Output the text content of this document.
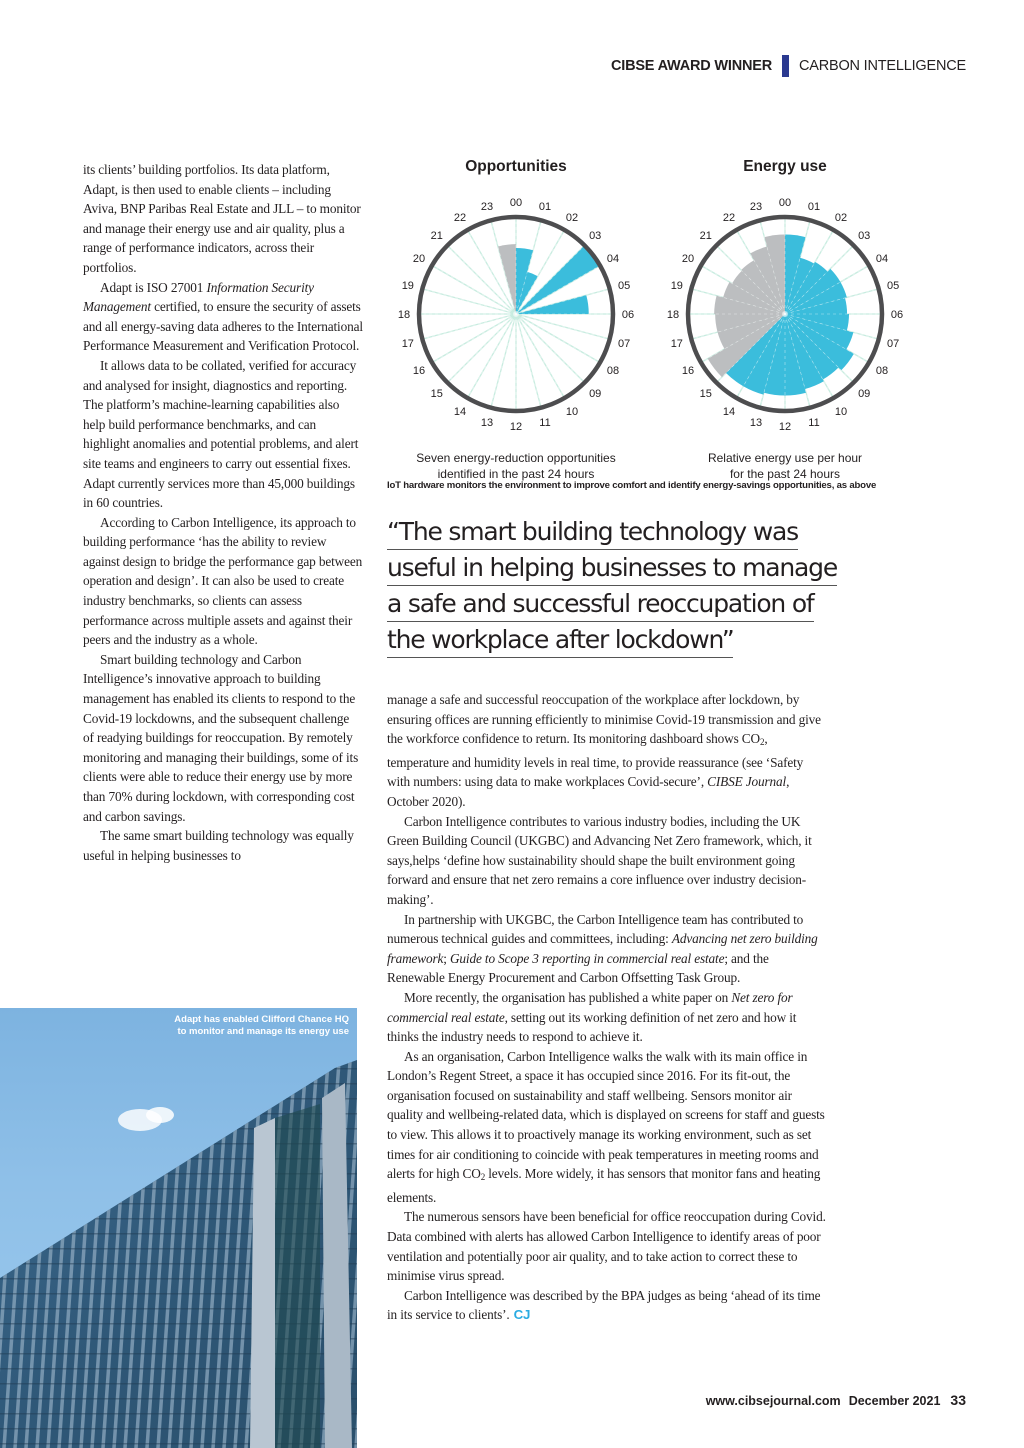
CIBSE AWARD WINNER CARBON INTELLIGENCE

its clients’ building portfolios. Its data platform, Adapt, is then used to enable clients – including Aviva, BNP Paribas Real Estate and JLL – to monitor and manage their energy use and air quality, plus a range of performance indicators, across their portfolios.

Adapt is ISO 27001 Information Security Management certified, to ensure the security of assets and all energy-saving data adheres to the International Performance Measurement and Verification Protocol.

It allows data to be collated, verified for accuracy and analysed for insight, diagnostics and reporting. The platform’s machine-learning capabilities also help build performance benchmarks, and can highlight anomalies and potential problems, and alert site teams and engineers to carry out essential fixes. Adapt currently services more than 45,000 buildings in 60 countries.

According to Carbon Intelligence, its approach to building performance ‘has the ability to review against design to bridge the performance gap between operation and design’. It can also be used to create industry benchmarks, so clients can assess performance across multiple assets and against their peers and the industry as a whole.

Smart building technology and Carbon Intelligence’s innovative approach to building management has enabled its clients to respond to the Covid-19 lockdowns, and the subsequent challenge of readying buildings for reoccupation. By remotely monitoring and managing their buildings, some of its clients were able to reduce their energy use by more than 70% during lockdown, with corresponding cost and carbon savings.

The same smart building technology was equally useful in helping businesses to

Opportunities
00 01
02
03
04
05
06
07
08
09
10
11
12
13
14
15
16
17
18
19
20
21
22
23
Seven energy-reduction opportunities
identified in the past 24 hours
Energy use
00 01
02
03
04
05
06
07
08
09
10
11
12
13
14
15
16
17
18
19
20
21
22
23
Relative energy use per hour
for the past 24 hours
IoT hardware monitors the environment to improve comfort and identify energy-savings opportunities, as above
“The smart building technology was
useful in helping businesses to manage
a safe and successful reoccupation of
the workplace after lockdown”

manage a safe and successful reoccupation of the workplace after lockdown, by ensuring offices are running efficiently to minimise Covid-19 transmission and give the workforce confidence to return. Its monitoring dashboard shows $CO_2$, temperature and humidity levels in real time, to provide reassurance (see ‘Safety with numbers: using data to make workplaces Covid-secure’, CIBSE Journal, October 2020).

Carbon Intelligence contributes to various industry bodies, including the UK Green Building Council (UKGBC) and Advancing Net Zero framework, which, it says,helps ‘define how sustainability should shape the built environment going forward and ensure that net zero remains a core influence over industry decision-making’.

In partnership with UKGBC, the Carbon Intelligence team has contributed to numerous technical guides and committees, including: Advancing net zero building framework; Guide to Scope 3 reporting in commercial real estate; and the Renewable Energy Procurement and Carbon Offsetting Task Group.

More recently, the organisation has published a white paper on Net zero for commercial real estate, setting out its working definition of net zero and how it thinks the industry needs to respond to achieve it.

As an organisation, Carbon Intelligence walks the walk with its main office in London’s Regent Street, a space it has occupied since 2016. For its fit-out, the organisation focused on sustainability and staff wellbeing. Sensors monitor air quality and wellbeing-related data, which is displayed on screens for staff and guests to view. This allows it to proactively manage its working environment, such as set times for air conditioning to coincide with peak temperatures in meeting rooms and alerts for high $CO_2$ levels. More widely, it has sensors that monitor fans and heating elements.

The numerous sensors have been beneficial for office reoccupation during Covid. Data combined with alerts has allowed Carbon Intelligence to identify areas of poor ventilation and potentially poor air quality, and to take action to correct these to minimise virus spread.

Carbon Intelligence was described by the BPA judges as being ‘ahead of its time in its service to clients’. CJ

Adapt has enabled Clifford Chance HQ
to monitor and manage its energy use
www.cibsejournal.com December 2021 33
